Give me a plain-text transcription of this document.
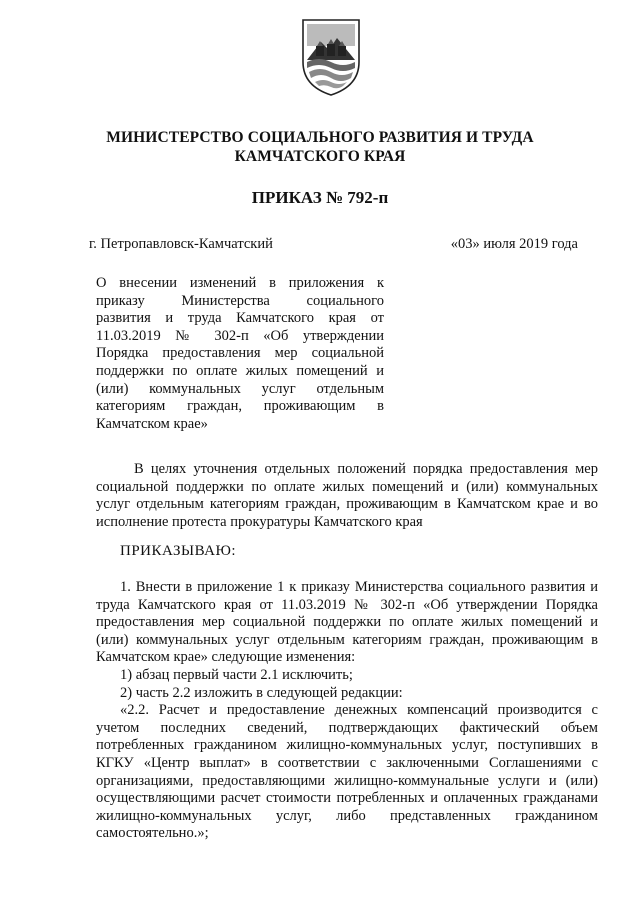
МИНИСТЕРСТВО СОЦИАЛЬНОГО РАЗВИТИЯ И ТРУДА
КАМЧАТСКОГО КРАЯ
ПРИКАЗ № 792-п
г. Петропавловск-Камчатский	«03» июля 2019 года
О внесении изменений в приложения к
приказу Министерства социального
развития и труда Камчатского края от
11.03.2019 № 302-п «Об утверждении
Порядка предоставления мер социальной
поддержки по оплате жилых помещений и
(или) коммунальных услуг отдельным
категориям граждан, проживающим в
Камчатском крае»

В целях уточнения отдельных положений порядка предоставления мер социальной поддержки по оплате жилых помещений и (или) коммунальных услуг отдельным категориям граждан, проживающим в Камчатском крае и во исполнение протеста прокуратуры Камчатского края

ПРИКАЗЫВАЮ:

1. Внести в приложение 1 к приказу Министерства социального развития и труда Камчатского края от 11.03.2019 № 302-п «Об утверждении Порядка предоставления мер социальной поддержки по оплате жилых помещений и (или) коммунальных услуг отдельным категориям граждан, проживающим в Камчатском крае» следующие изменения:

1) абзац первый части 2.1 исключить;

2) часть 2.2 изложить в следующей редакции:

«2.2. Расчет и предоставление денежных компенсаций производится с учетом последних сведений, подтверждающих фактический объем потребленных гражданином жилищно-коммунальных услуг, поступивших в КГКУ «Центр выплат» в соответствии с заключенными Соглашениями с организациями, предоставляющими жилищно-коммунальные услуги и (или) осуществляющими расчет стоимости потребленных и оплаченных гражданами жилищно-коммунальных услуг, либо представленных гражданином самостоятельно.»;
